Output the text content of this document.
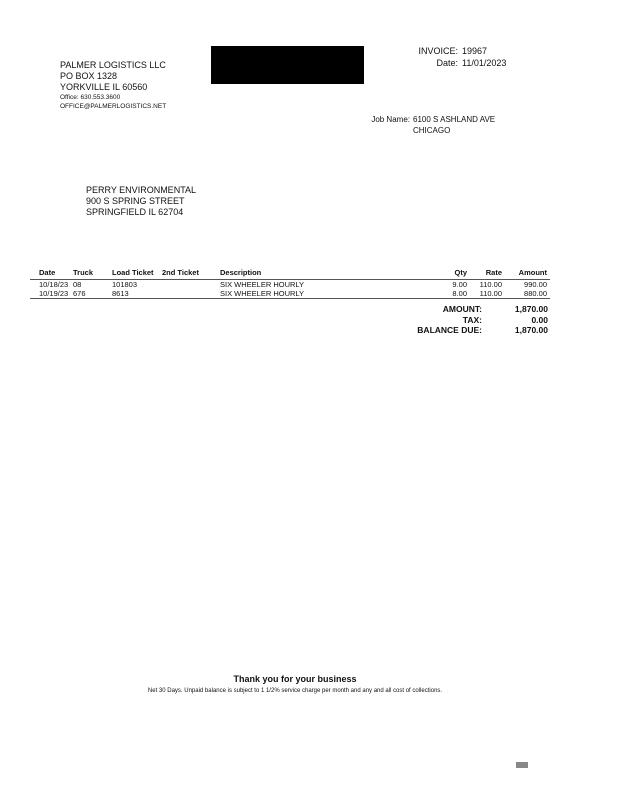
PALMER LOGISTICS LLC
PO BOX 1328
YORKVILLE IL 60560
Office: 630.553.3600
OFFICE@PALMERLOGISTICS.NET
INVOICE: 19967
Date: 11/01/2023
Job Name: 6100 S ASHLAND AVE
CHICAGO
PERRY ENVIRONMENTAL
900 S SPRING STREET
SPRINGFIELD IL 62704
Date Truck	Load Ticket 2nd Ticket	Description	Qty Rate Amount
10/18/23 08	101803	SIX WHEELER HOURLY	9.00 110.00	990.00
10/19/23 676	8613	SIX WHEELER HOURLY	8.00 110.00	880.00
AMOUNT:	1,870.00
TAX:	0.00
BALANCE DUE:	1,870.00
Thank you for your business
Net 30 Days. Unpaid balance is subject to 1 1/2% service charge per month and any and all cost of collections.
